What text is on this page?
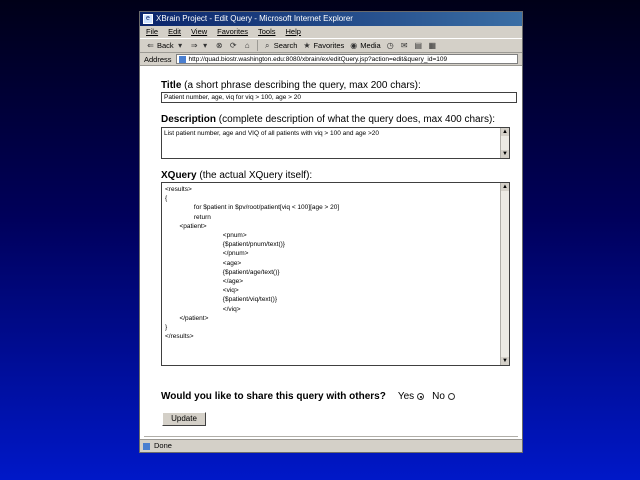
e XBrain Project - Edit Query - Microsoft Internet Explorer
File Edit View Favorites Tools Help
⇐ Back ▾	⇒ ▾	⊗ ⟳ ⌂ ⌕ Search ★ Favorites ◉ Media ◷ ✉ ▤ ▦
Address	http://quad.biostr.washington.edu:8080/xbrain/ex/editQuery.jsp?action=edit&query_id=109
Title (a short phrase describing the query, max 200 chars):
Patient number, age, viq for viq > 100, age > 20
Description (complete description of what the query does, max 400 chars):
List patient number, age and VIQ of all patients with viq > 100 and age >20	▲
▼
XQuery (the actual XQuery itself):
<results>
{
for $patient in $pv/root/patient[viq < 100][age > 20]
return
<patient>
<pnum>
{$patient/pnum/text()}
</pnum>
<age>
{$patient/age/text()}
</age>
<viq>
{$patient/viq/text()}
</viq>
</patient>
}
</results>
▲
▼
Would you like to share this query with others? Yes No
Update
Done
